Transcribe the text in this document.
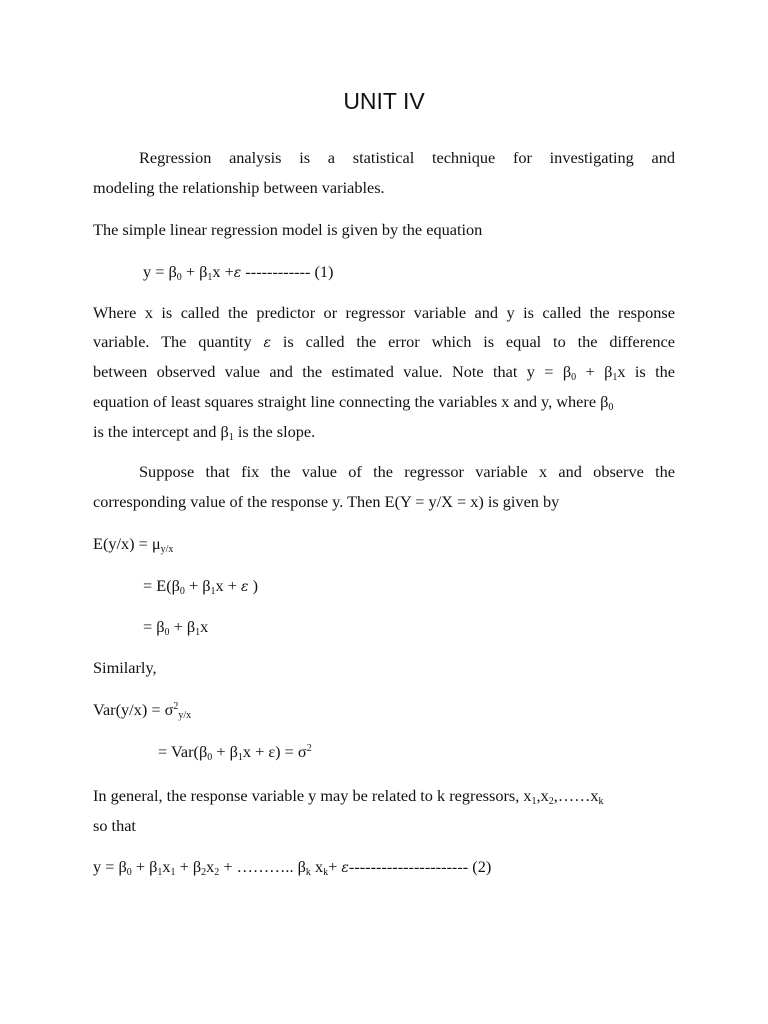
UNIT IV
Regression analysis is a statistical technique for investigating and
modeling the relationship between variables.
The simple linear regression model is given by the equation
$y = \beta_0 + \beta_1x +\varepsilon$ ------------ (1)
Where x is called the predictor or regressor variable and y is called the response
variable. The quantity ε is called the error which is equal to the difference
between observed value and the estimated value. Note that $y = \beta_0 + \beta_1x$ is the
equation of least squares straight line connecting the variables x and y, where $\beta_0$
is the intercept and $\beta_1$ is the slope.
Suppose that fix the value of the regressor variable x and observe the
corresponding value of the response y. Then E(Y = y/X = x) is given by
$E(y/x) = \mu_{y/x}$
= $E(\beta_0 + \beta_1x + \varepsilon$ )
= $\beta_0 + \beta_1x$
Similarly,
$Var(y/x) = \sigma^2_{y/x}$
= $Var(\beta_0 + \beta_1x + \varepsilon) = \sigma^2$
In general, the response variable y may be related to k regressors, $x_1,x_2,\dots\dots x_k$
so that
$y = \beta_0 + \beta_1x_1 + \beta_2x_2$ + ……….. $\beta_k$ $x_k+ \varepsilon----------------------$ (2)
